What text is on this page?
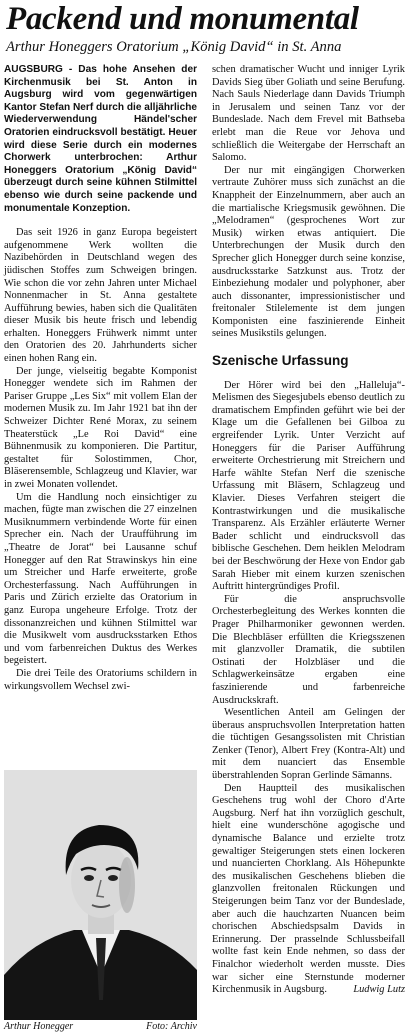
Packend und monumental
Arthur Honeggers Oratorium „König David“ in St. Anna

AUGSBURG - Das hohe Ansehen der Kirchenmusik bei St. Anton in Augsburg wird vom gegenwärtigen Kantor Stefan Nerf durch die alljährliche Wiederverwendung Händel'scher Oratorien eindrucksvoll bestätigt. Heuer wird diese Serie durch ein modernes Chorwerk unterbrochen: Arthur Honeggers Oratorium „König David“ überzeugt durch seine kühnen Stilmittel ebenso wie durch seine packende und monumentale Konzeption.

Das seit 1926 in ganz Europa begeistert aufgenommene Werk wollten die Nazibehörden in Deutschland wegen des jüdischen Stoffes zum Schweigen bringen. Wie schon die vor zehn Jahren unter Michael Nonnenmacher in St. Anna gestaltete Aufführung bewies, haben sich die Qualitäten dieser Musik bis heute frisch und lebendig erhalten. Honeggers Frühwerk nimmt unter den Oratorien des 20. Jahrhunderts sicher einen hohen Rang ein.

Der junge, vielseitig begabte Komponist Honegger wendete sich im Rahmen der Pariser Gruppe „Les Six“ mit vollem Elan der modernen Musik zu. Im Jahr 1921 bat ihn der Schweizer Dichter René Morax, zu seinem Theaterstück „Le Roi David“ eine Bühnenmusik zu komponieren. Die Partitur, gestaltet für Solostimmen, Chor, Bläserensemble, Schlagzeug und Klavier, war in zwei Monaten vollendet.

Um die Handlung noch einsichtiger zu machen, fügte man zwischen die 27 einzelnen Musiknummern verbindende Worte für einen Sprecher ein. Nach der Uraufführung im „Theatre de Jorat“ bei Lausanne schuf Honegger auf den Rat Strawinskys hin eine um Streicher und Harfe erweiterte, große Orchesterfassung. Nach Aufführungen in Paris und Zürich erzielte das Oratorium in ganz Europa ungeheure Erfolge. Trotz der dissonanzreichen und kühnen Stilmittel war die Musikwelt vom ausdrucksstarken Ethos und vom farbenreichen Duktus des Werkes begeistert.

Die drei Teile des Oratoriums schildern in wirkungsvollem Wechsel zwi-

Arthur Honegger	Foto: Archiv

schen dramatischer Wucht und inniger Lyrik Davids Sieg über Goliath und seine Berufung. Nach Sauls Niederlage dann Davids Triumph in Jerusalem und seinen Tanz vor der Bundeslade. Nach dem Frevel mit Bathseba erlebt man die Reue vor Jehova und schließlich die Weitergabe der Herrschaft an Salomo.

Der nur mit eingängigen Chorwerken vertraute Zuhörer muss sich zunächst an die Knappheit der Einzelnummern, aber auch an die martialische Kriegsmusik gewöhnen. Die „Melodramen“ (gesprochenes Wort zur Musik) wirken etwas antiquiert. Die Unterbrechungen der Musik durch den Sprecher glich Honegger durch seine konzise, ausdrucksstarke Satzkunst aus. Trotz der Einbeziehung modaler und polyphoner, aber auch dissonanter, impressionistischer und freitonaler Stilelemente ist dem jungen Komponisten eine faszinierende Einheit seines Musikstils gelungen.

Szenische Urfassung

Der Hörer wird bei den „Halleluja“-Melismen des Siegesjubels ebenso deutlich zu dramatischem Empfinden geführt wie bei der Klage um die Gefallenen bei Gilboa zu ergreifender Lyrik. Unter Verzicht auf Honeggers für die Pariser Aufführung erweiterte Orchestrierung mit Streichern und Harfe wählte Stefan Nerf die szenische Urfassung mit Bläsern, Schlagzeug und Klavier. Dieses Verfahren steigert die Kontrastwirkungen und die musikalische Transparenz. Als Erzähler erläuterte Werner Bader schlicht und eindrucksvoll das biblische Geschehen. Dem heiklen Melodram bei der Beschwörung der Hexe von Endor gab Sarah Hieber mit einem kurzen szenischen Auftritt hintergründiges Profil.

Für die anspruchsvolle Orchesterbegleitung des Werkes konnten die Prager Philharmoniker gewonnen werden. Die Blechbläser erfüllten die Kriegsszenen mit glanzvoller Dramatik, die subtilen Ostinati der Holzbläser und die Schlagwerkeinsätze ergaben eine faszinierende und farbenreiche Ausdruckskraft.

Wesentlichen Anteil am Gelingen der überaus anspruchsvollen Interpretation hatten die tüchtigen Gesangssolisten mit Christian Zenker (Tenor), Albert Frey (Kontra-Alt) und mit dem nuanciert das Ensemble überstrahlenden Sopran Gerlinde Sämanns.

Den Hauptteil des musikalischen Geschehens trug wohl der Choro d'Arte Augsburg. Nerf hat ihn vorzüglich geschult, hielt eine wunderschöne agogische und dynamische Balance und erzielte trotz gewaltiger Steigerungen stets einen lockeren und nuancierten Chorklang. Als Höhepunkte des musikalischen Geschehens blieben die glanzvollen freitonalen Rückungen und Steigerungen beim Tanz vor der Bundeslade, aber auch die hauchzarten Nuancen beim chorischen Abschiedspsalm Davids in Erinnerung. Der prasselnde Schlussbeifall wollte fast kein Ende nehmen, so dass der Finalchor wiederholt werden musste. Dies war sicher eine Sternstunde moderner Kirchenmusik in Augsburg.	Ludwig Lutz
